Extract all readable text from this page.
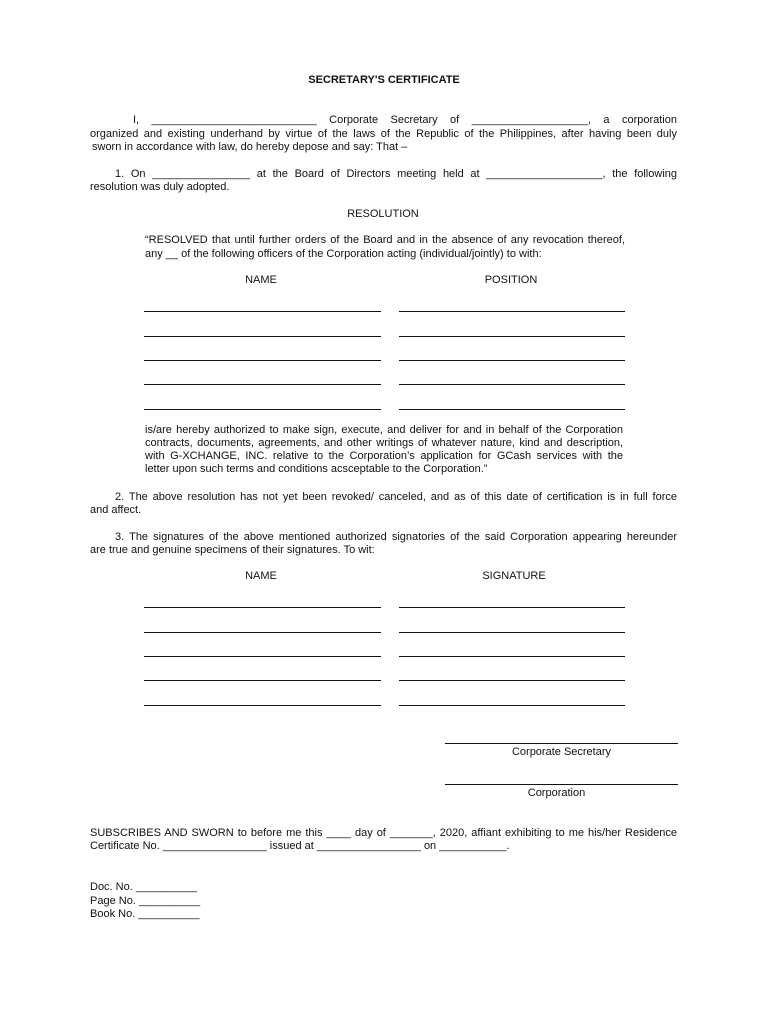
SECRETARY'S CERTIFICATE
I, ___________________________ Corporate Secretary of ___________________, a corporation
organized and existing underhand by virtue of the laws of the Republic of the Philippines, after having been duly
sworn in accordance with law, do hereby depose and say: That –
1. On ________________ at the Board of Directors meeting held at ___________________, the following
resolution was duly adopted.
RESOLUTION
“RESOLVED that until further orders of the Board and in the absence of any revocation thereof,
any __ of the following officers of the Corporation acting (individual/jointly) to with:
NAME	POSITION
is/are hereby authorized to make sign, execute, and deliver for and in behalf of the Corporation
contracts, documents, agreements, and other writings of whatever nature, kind and description,
with G-XCHANGE, INC. relative to the Corporation’s application for GCash services with the
letter upon such terms and conditions acsceptable to the Corporation.”
2. The above resolution has not yet been revoked/ canceled, and as of this date of certification is in full force
and affect.
3. The signatures of the above mentioned authorized signatories of the said Corporation appearing hereunder
are true and genuine specimens of their signatures. To wit:
NAME	SIGNATURE
Corporate Secretary
Corporation
SUBSCRIBES AND SWORN to before me this ____ day of _______, 2020, affiant exhibiting to me his/her Residence
Certificate No. _________________ issued at _________________ on ___________.
Doc. No. __________
Page No. __________
Book No. __________
